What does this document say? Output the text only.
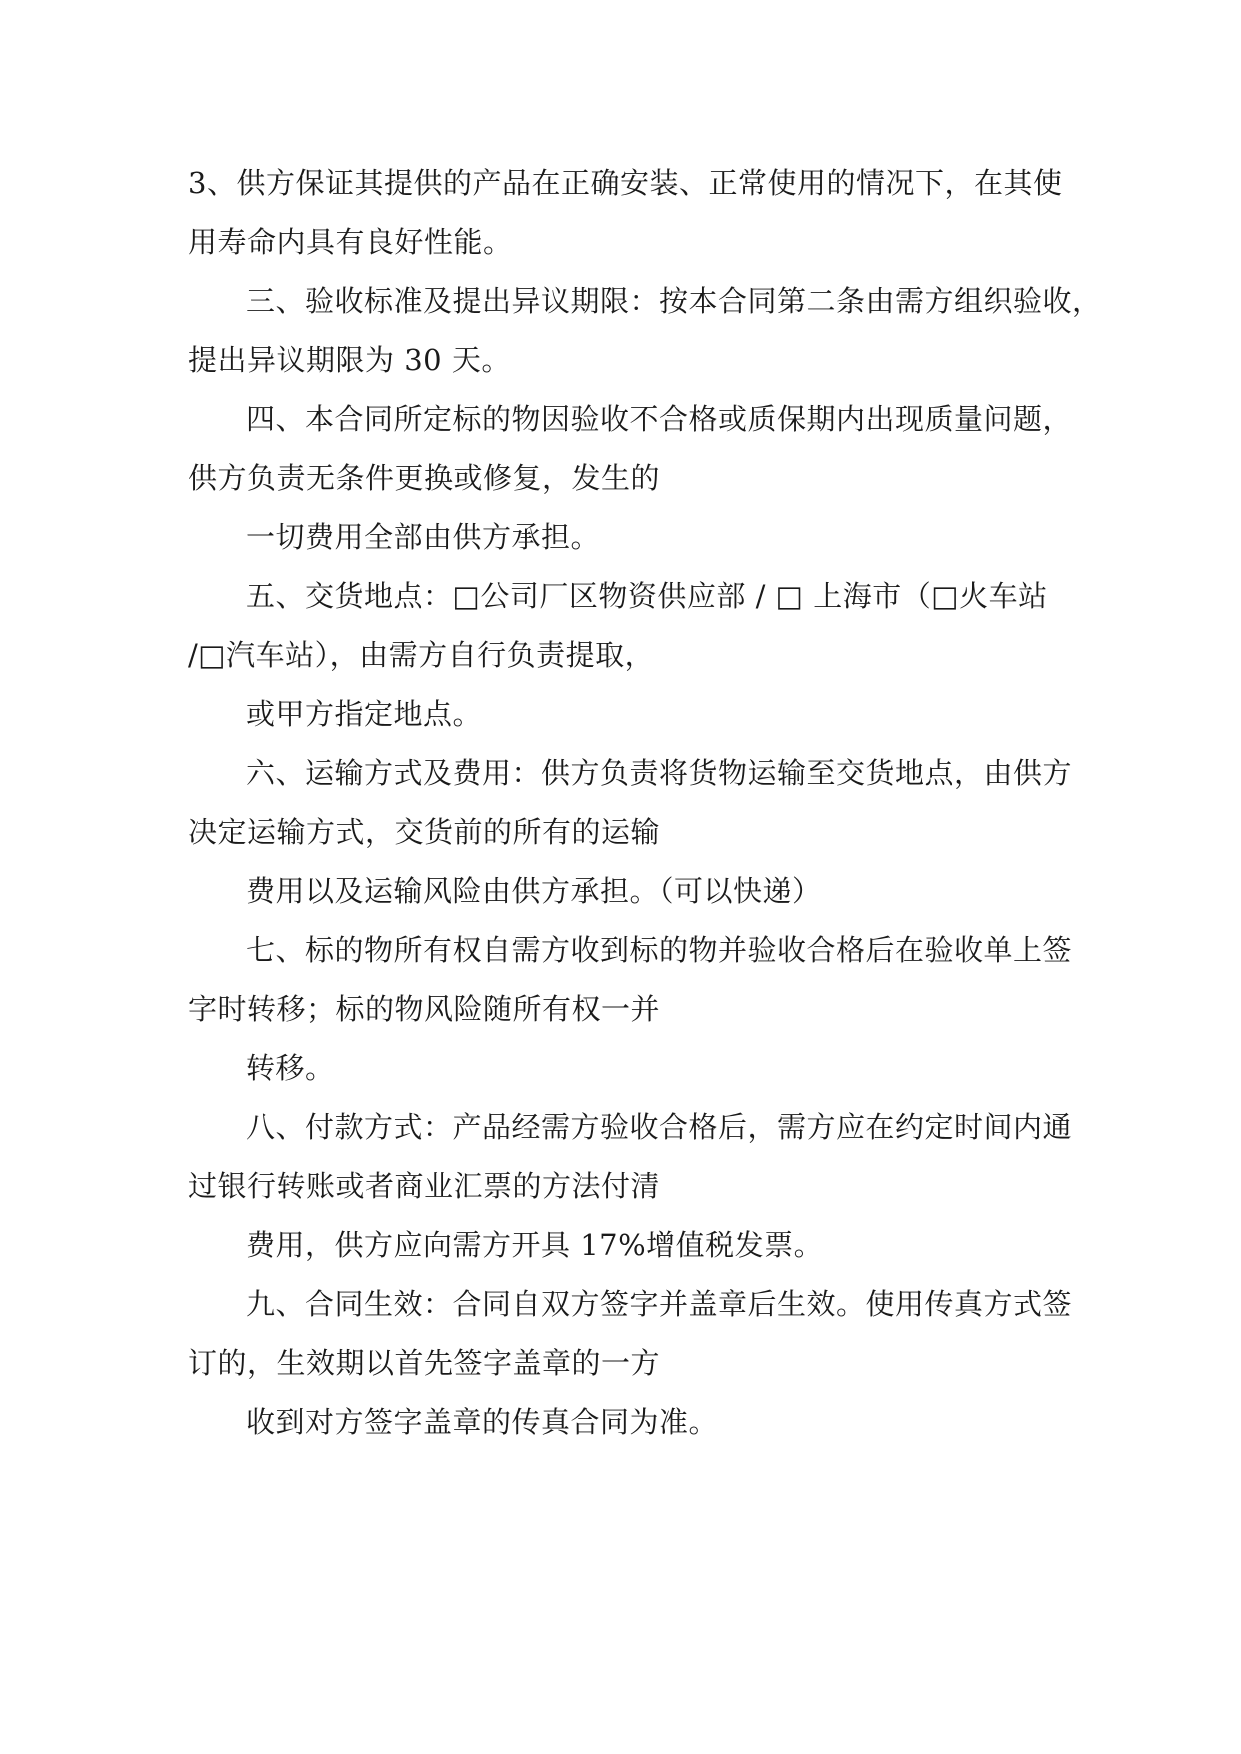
3、供方保证其提供的产品在正确安装、正常使用的情况下，在其使
用寿命内具有良好性能。
三、验收标准及提出异议期限：按本合同第二条由需方组织验收，
提出异议期限为 30 天。
四、本合同所定标的物因验收不合格或质保期内出现质量问题，
供方负责无条件更换或修复，发生的
一切费用全部由供方承担。
五、交货地点：□公司厂区物资供应部 / □ 上海市（□火车站
/□汽车站），由需方自行负责提取，
或甲方指定地点。
六、运输方式及费用：供方负责将货物运输至交货地点，由供方
决定运输方式，交货前的所有的运输
费用以及运输风险由供方承担。（可以快递）
七、标的物所有权自需方收到标的物并验收合格后在验收单上签
字时转移；标的物风险随所有权一并
转移。
八、付款方式：产品经需方验收合格后，需方应在约定时间内通
过银行转账或者商业汇票的方法付清
费用，供方应向需方开具 17%增值税发票。
九、合同生效：合同自双方签字并盖章后生效。使用传真方式签
订的，生效期以首先签字盖章的一方
收到对方签字盖章的传真合同为准。
